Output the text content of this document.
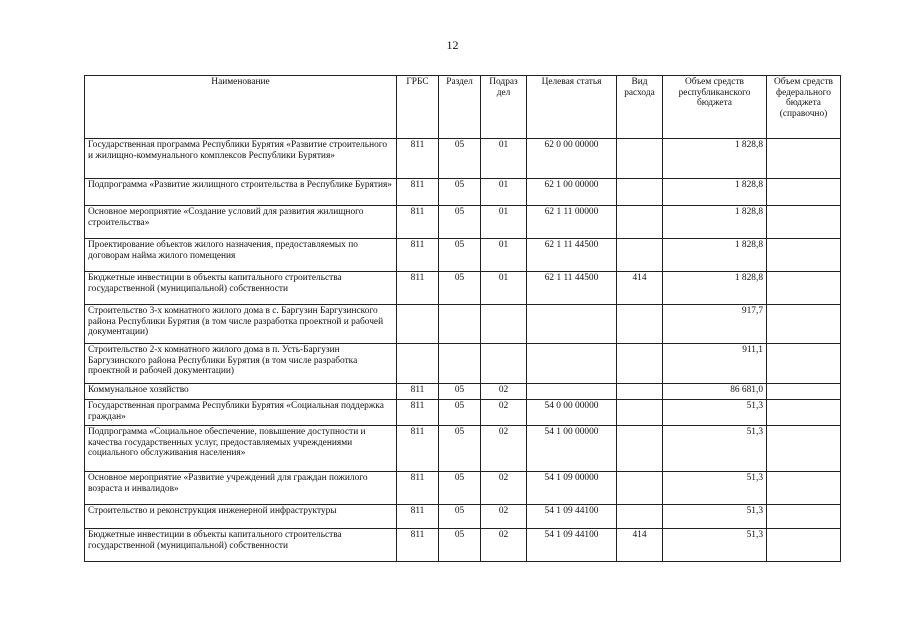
12
Наименование	ГРБС	Раздел	Подраз дел	Целевая статья	Вид расхода	Объем средств республиканского бюджета	Объем средств федерального бюджета (справочно)
Государственная программа Республики Бурятия «Развитие строительного и жилищно-коммунального комплексов Республики Бурятия»	811	05	01	62 0 00 00000		1 828,8	
Подпрограмма «Развитие жилищного строительства в Республике Бурятия»	811	05	01	62 1 00 00000		1 828,8	
Основное мероприятие «Создание условий для развития жилищного строительства»	811	05	01	62 1 11 00000		1 828,8	
Проектирование объектов жилого назначения, предоставляемых по договорам найма жилого помещения	811	05	01	62 1 11 44500		1 828,8	
Бюджетные инвестиции в объекты капитального строительства государственной (муниципальной) собственности	811	05	01	62 1 11 44500	414	1 828,8	
Строительство 3-х комнатного жилого дома в с. Баргузин Баргузинского района Республики Бурятия (в том числе разработка проектной и рабочей документации)						917,7	
Строительство 2-х комнатного жилого дома в п. Усть-Баргузин Баргузинского района Республики Бурятия (в том числе разработка проектной и рабочей документации)						911,1	
Коммунальное хозяйство	811	05	02			86 681,0	
Государственная программа Республики Бурятия «Социальная поддержка граждан»	811	05	02	54 0 00 00000		51,3	
Подпрограмма «Социальное обеспечение, повышение доступности и качества государственных услуг, предоставляемых учреждениями социального обслуживания населения»	811	05	02	54 1 00 00000		51,3	
Основное мероприятие «Развитие учреждений для граждан пожилого возраста и инвалидов»	811	05	02	54 1 09 00000		51,3	
Строительство и реконструкция инженерной инфраструктуры	811	05	02	54 1 09 44100		51,3	
Бюджетные инвестиции в объекты капитального строительства государственной (муниципальной) собственности	811	05	02	54 1 09 44100	414	51,3	
